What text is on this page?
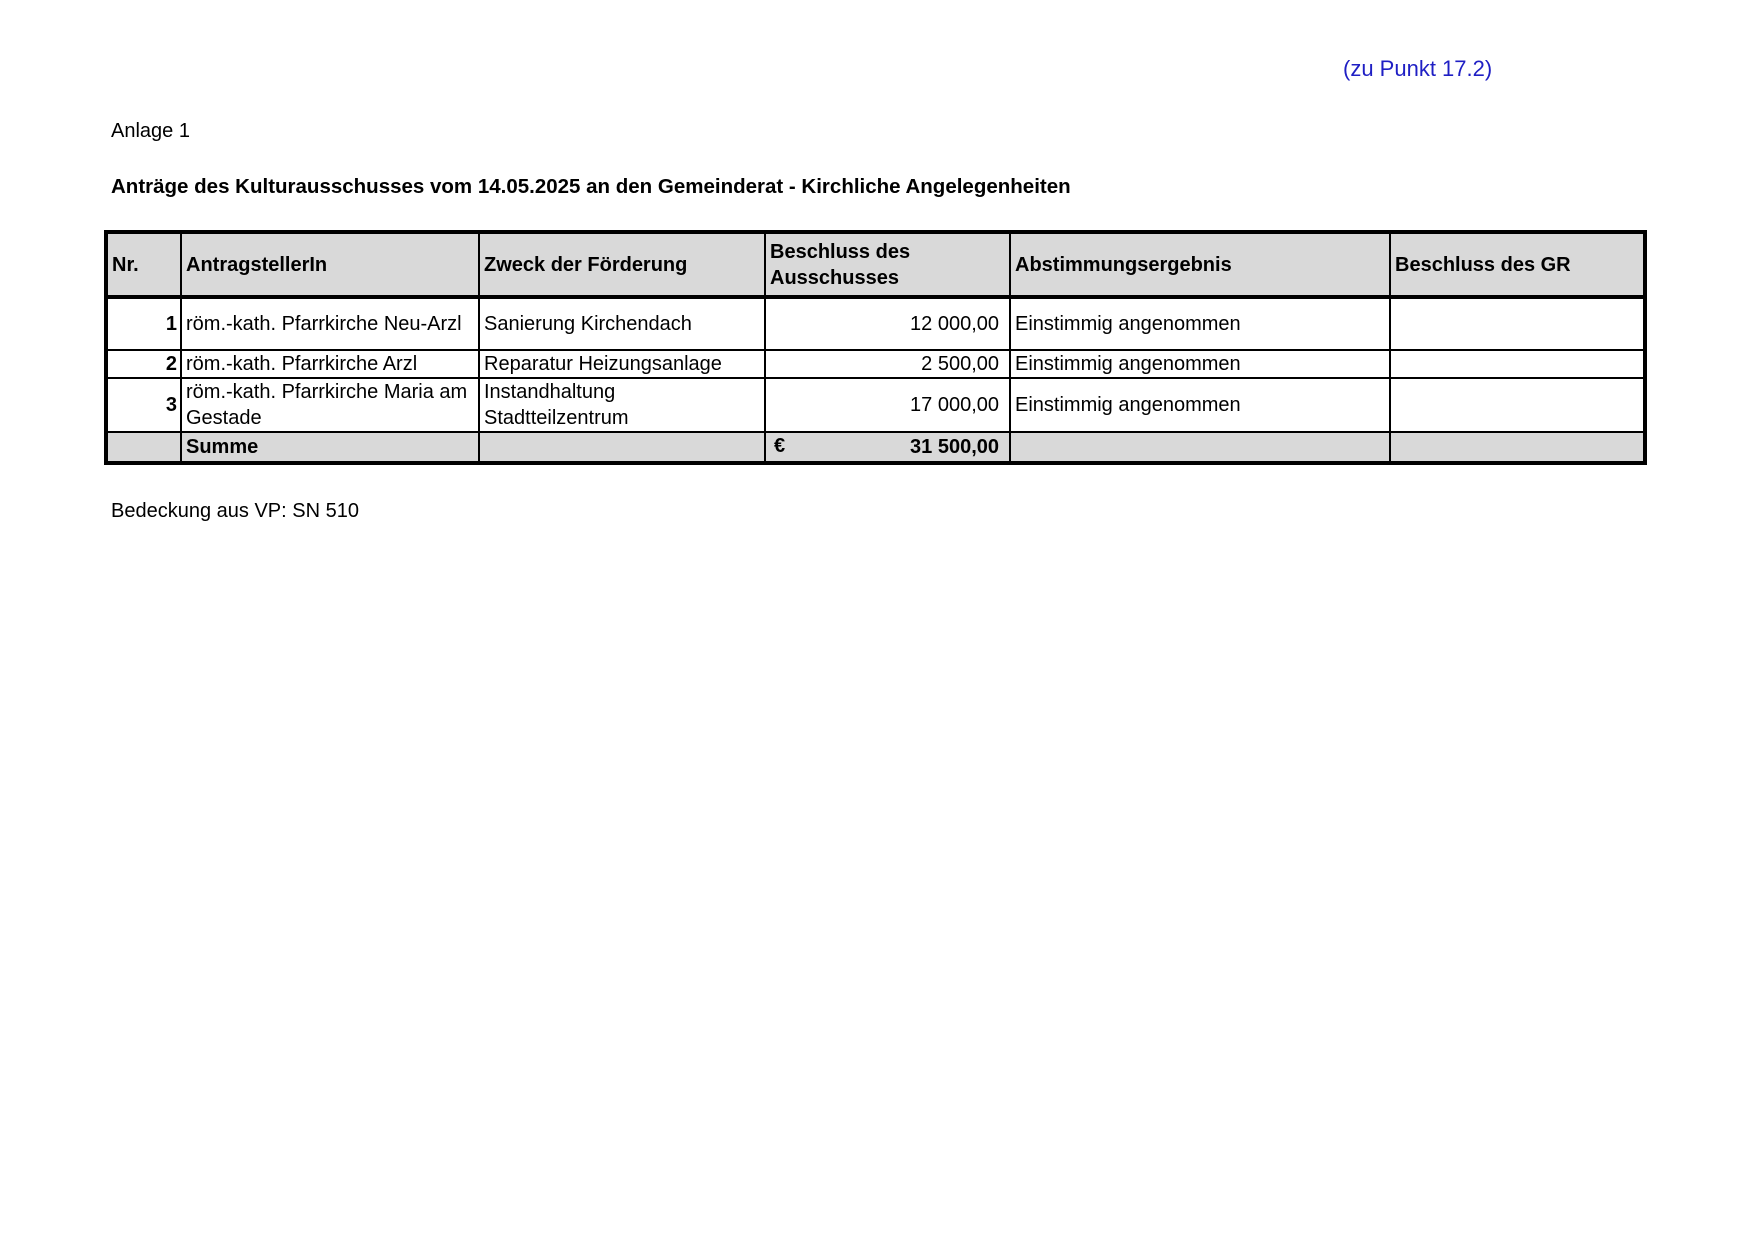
(zu Punkt 17.2)
Anlage 1
Anträge des Kulturausschusses vom 14.05.2025 an den Gemeinderat - Kirchliche Angelegenheiten
Nr.	AntragstellerIn	Zweck der Förderung	Beschluss des Ausschusses	Abstimmungsergebnis	Beschluss des GR
1	röm.-kath. Pfarrkirche Neu-Arzl	Sanierung Kirchendach	12 000,00	Einstimmig angenommen	
2	röm.-kath. Pfarrkirche Arzl	Reparatur Heizungsanlage	2 500,00	Einstimmig angenommen	
3	röm.-kath. Pfarrkirche Maria am Gestade	Instandhaltung Stadtteilzentrum	17 000,00	Einstimmig angenommen	
	Summe		€ 31 500,00		

Bedeckung aus VP: SN 510
